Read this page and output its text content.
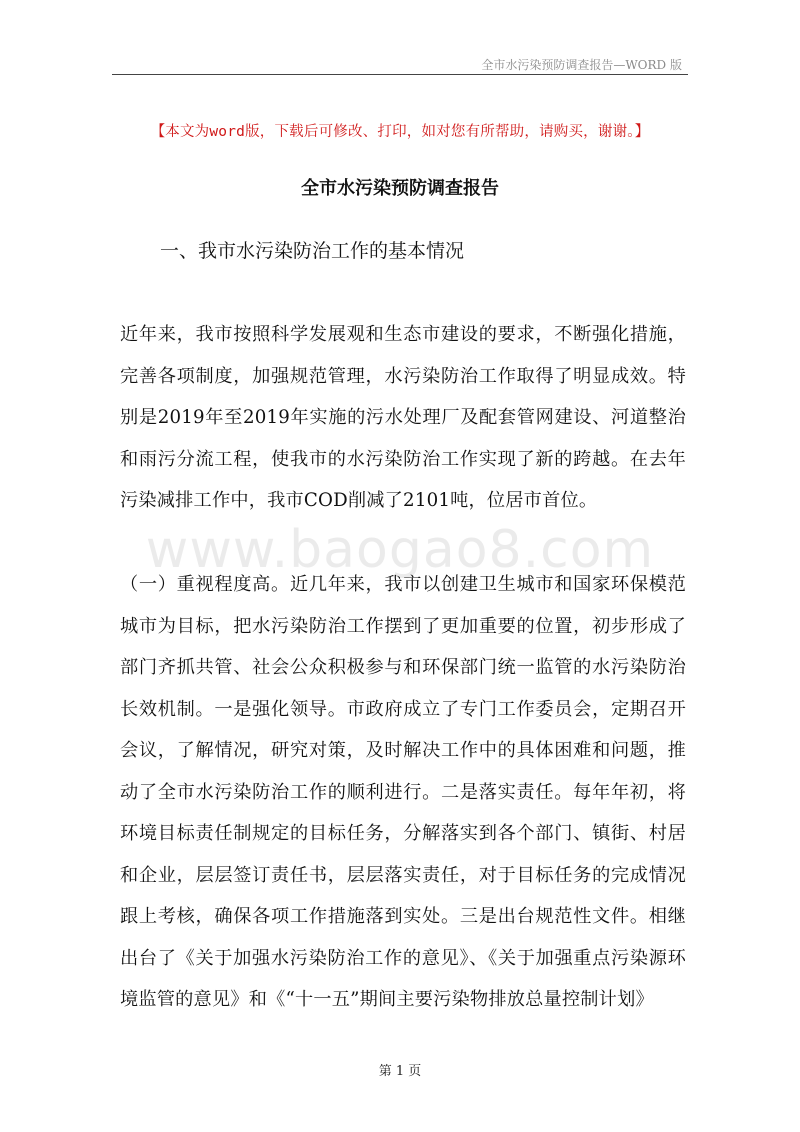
全市水污染预防调查报告—WORD 版
【本文为word版，下载后可修改、打印，如对您有所帮助，请购买，谢谢。】
全市水污染预防调查报告
一、我市水污染防治工作的基本情况

近年来，我市按照科学发展观和生态市建设的要求，不断强化措施，完善各项制度，加强规范管理，水污染防治工作取得了明显成效。特别是2019年至2019年实施的污水处理厂及配套管网建设、河道整治和雨污分流工程，使我市的水污染防治工作实现了新的跨越。在去年污染减排工作中，我市COD削减了2101吨，位居市首位。

www.baogao8.com

（一）重视程度高。近几年来，我市以创建卫生城市和国家环保模范城市为目标，把水污染防治工作摆到了更加重要的位置，初步形成了部门齐抓共管、社会公众积极参与和环保部门统一监管的水污染防治长效机制。一是强化领导。市政府成立了专门工作委员会，定期召开会议，了解情况，研究对策，及时解决工作中的具体困难和问题，推动了全市水污染防治工作的顺利进行。二是落实责任。每年年初，将环境目标责任制规定的目标任务，分解落实到各个部门、镇街、村居和企业，层层签订责任书，层层落实责任，对于目标任务的完成情况跟上考核，确保各项工作措施落到实处。三是出台规范性文件。相继出台了《关于加强水污染防治工作的意见》、《关于加强重点污染源环境监管的意见》和《“十一五”期间主要污染物排放总量控制计划》

第 1 页
